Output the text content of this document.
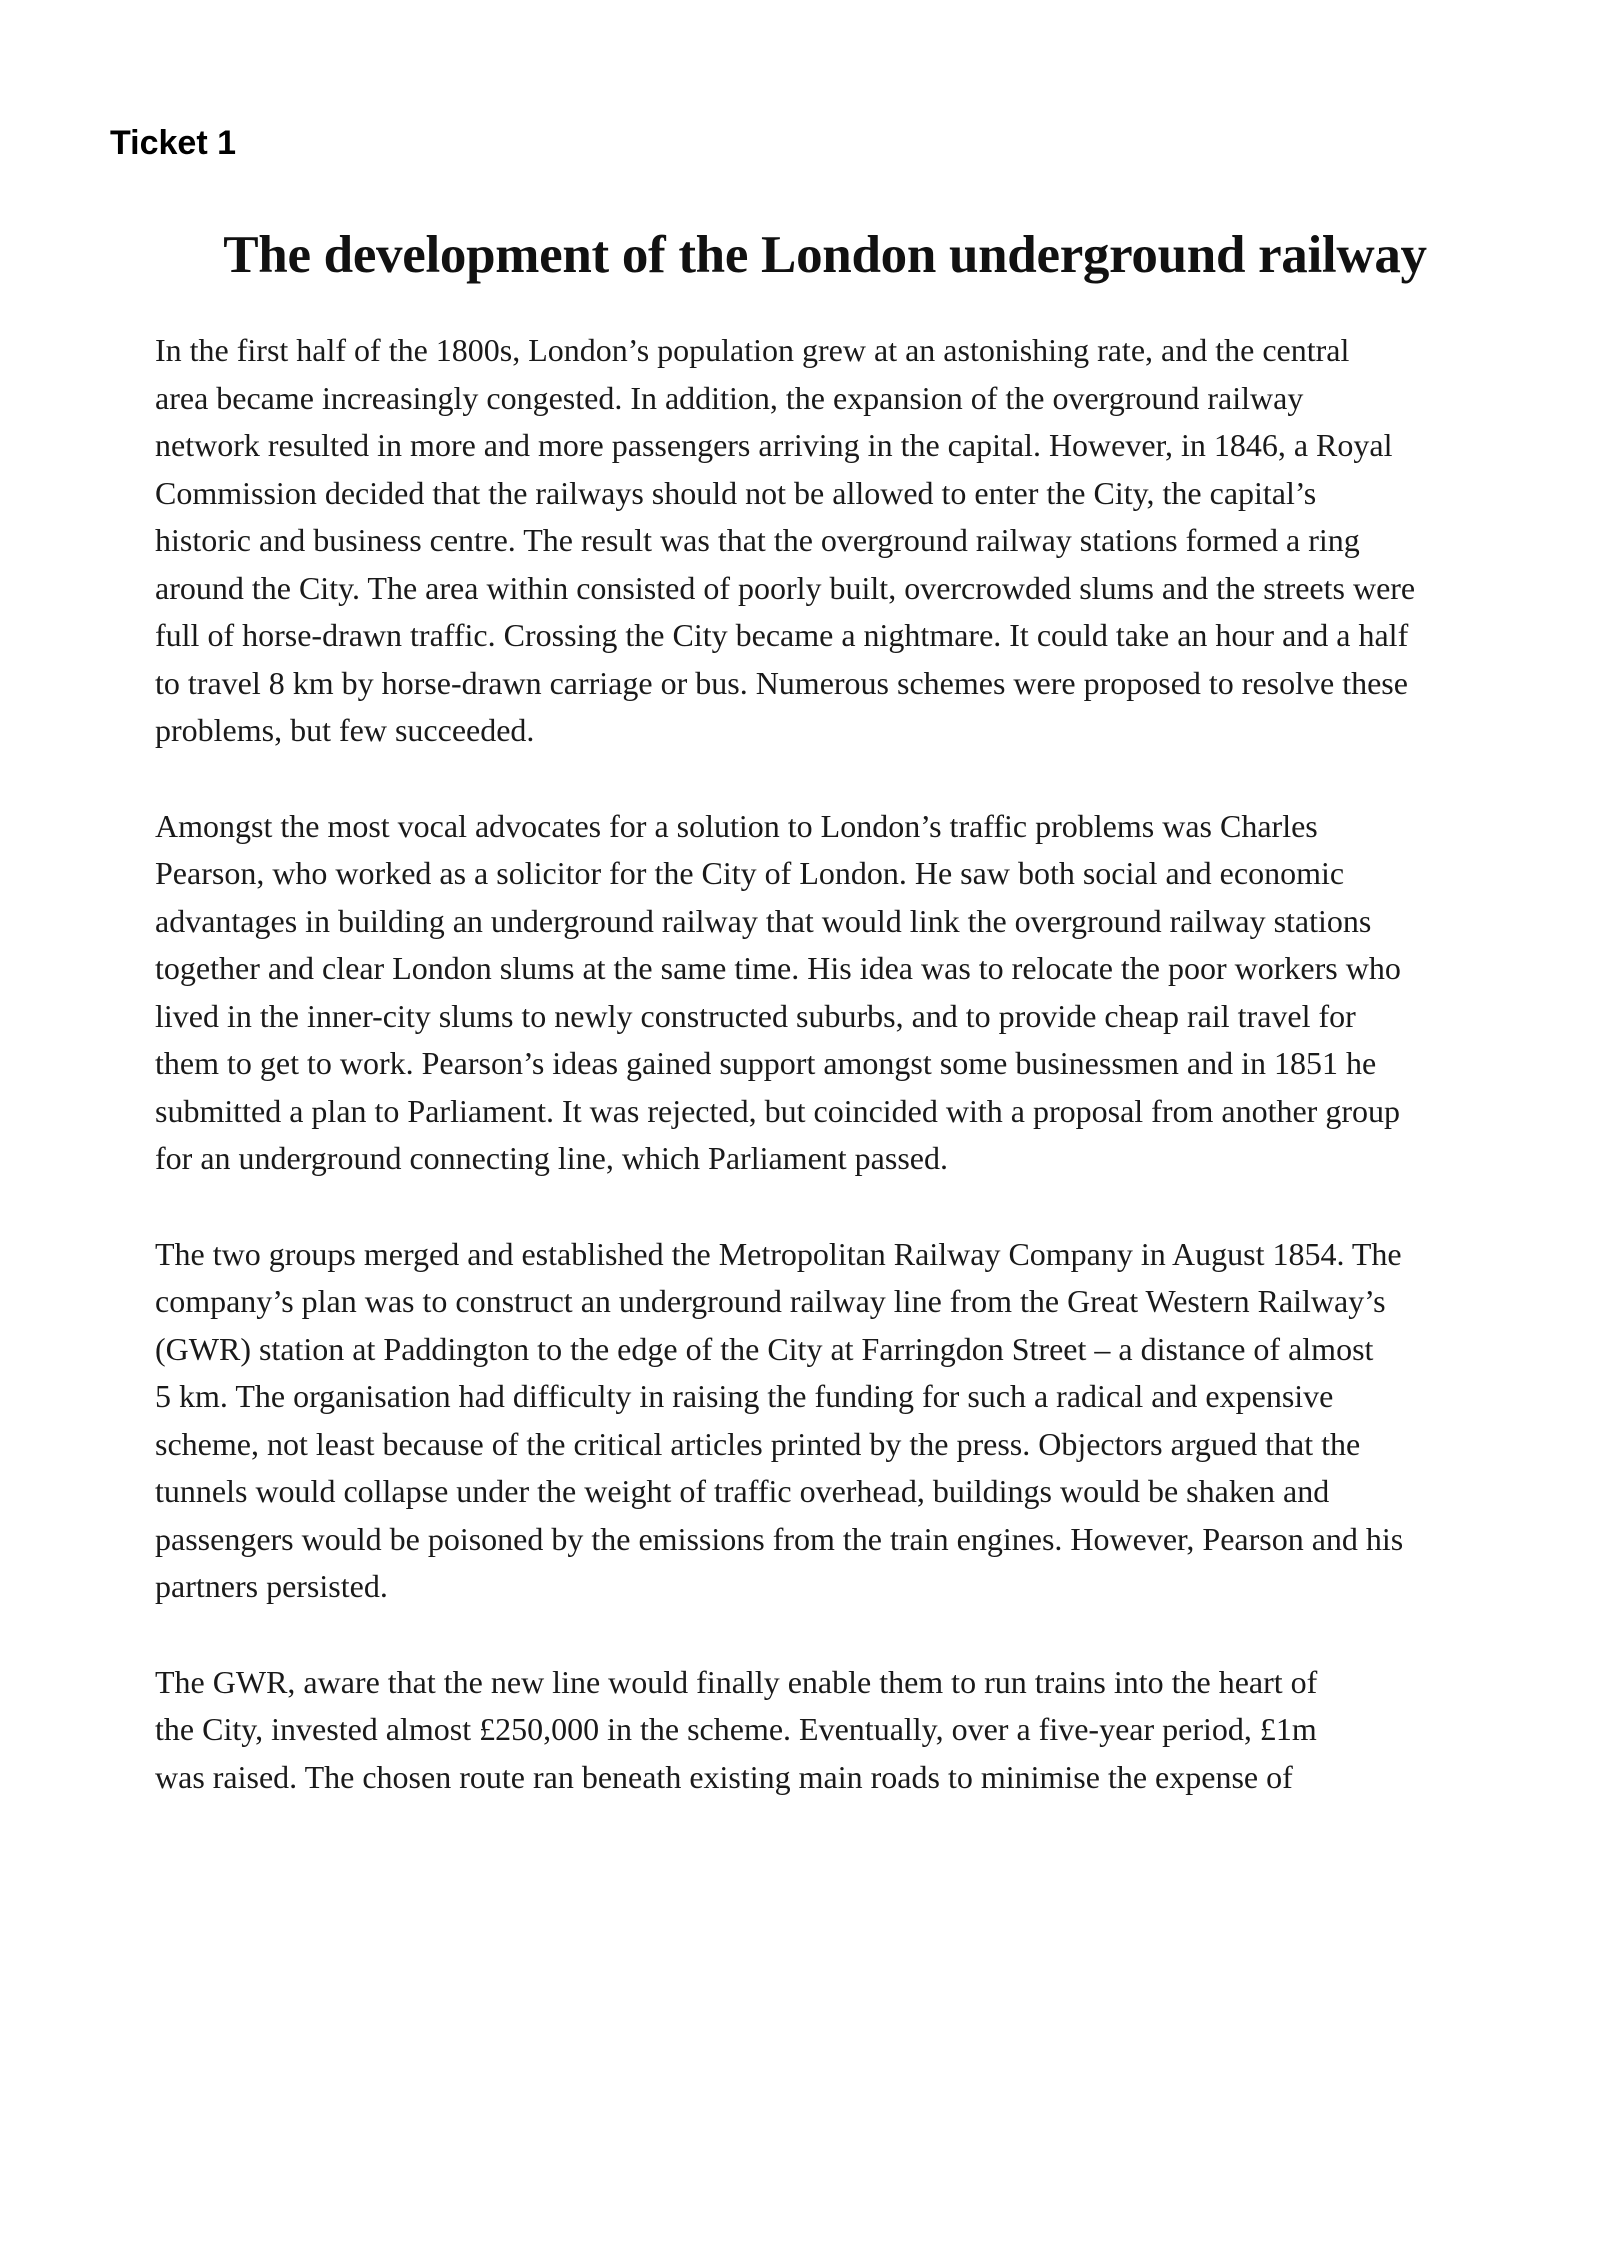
Ticket 1
The development of the London underground railway
In the first half of the 1800s, London’s population grew at an astonishing rate, and the central
area became increasingly congested. In addition, the expansion of the overground railway
network resulted in more and more passengers arriving in the capital. However, in 1846, a Royal
Commission decided that the railways should not be allowed to enter the City, the capital’s
historic and business centre. The result was that the overground railway stations formed a ring
around the City. The area within consisted of poorly built, overcrowded slums and the streets were
full of horse-drawn traffic. Crossing the City became a nightmare. It could take an hour and a half
to travel 8 km by horse-drawn carriage or bus. Numerous schemes were proposed to resolve these
problems, but few succeeded.
Amongst the most vocal advocates for a solution to London’s traffic problems was Charles
Pearson, who worked as a solicitor for the City of London. He saw both social and economic
advantages in building an underground railway that would link the overground railway stations
together and clear London slums at the same time. His idea was to relocate the poor workers who
lived in the inner-city slums to newly constructed suburbs, and to provide cheap rail travel for
them to get to work. Pearson’s ideas gained support amongst some businessmen and in 1851 he
submitted a plan to Parliament. It was rejected, but coincided with a proposal from another group
for an underground connecting line, which Parliament passed.
The two groups merged and established the Metropolitan Railway Company in August 1854. The
company’s plan was to construct an underground railway line from the Great Western Railway’s
(GWR) station at Paddington to the edge of the City at Farringdon Street – a distance of almost
5 km. The organisation had difficulty in raising the funding for such a radical and expensive
scheme, not least because of the critical articles printed by the press. Objectors argued that the
tunnels would collapse under the weight of traffic overhead, buildings would be shaken and
passengers would be poisoned by the emissions from the train engines. However, Pearson and his
partners persisted.
The GWR, aware that the new line would finally enable them to run trains into the heart of
the City, invested almost £250,000 in the scheme. Eventually, over a five-year period, £1m
was raised. The chosen route ran beneath existing main roads to minimise the expense of
